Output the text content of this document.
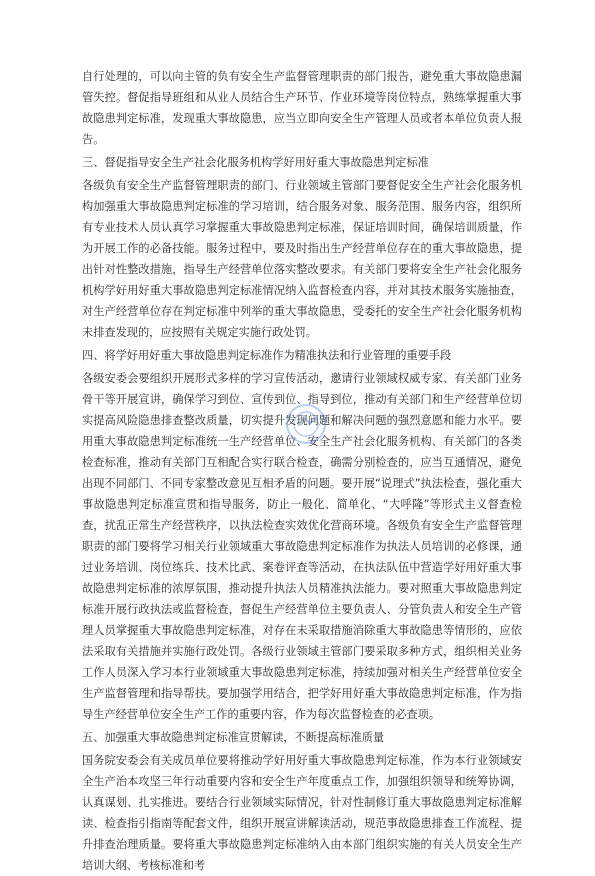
自行处理的，可以向主管的负有安全生产监督管理职责的部门报告，避免重大事故隐患漏管失控。督促指导班组和从业人员结合生产环节、作业环境等岗位特点，熟练掌握重大事故隐患判定标准，发现重大事故隐患，应当立即向安全生产管理人员或者本单位负责人报告。

三、督促指导安全生产社会化服务机构学好用好重大事故隐患判定标准

各级负有安全生产监督管理职责的部门、行业领域主管部门要督促安全生产社会化服务机构加强重大事故隐患判定标准的学习培训，结合服务对象、服务范围、服务内容，组织所有专业技术人员认真学习掌握重大事故隐患判定标准，保证培训时间，确保培训质量，作为开展工作的必备技能。服务过程中，要及时指出生产经营单位存在的重大事故隐患，提出针对性整改措施，指导生产经营单位落实整改要求。有关部门要将安全生产社会化服务机构学好用好重大事故隐患判定标准情况纳入监督检查内容，并对其技术服务实施抽查，对生产经营单位存在判定标准中列举的重大事故隐患，受委托的安全生产社会化服务机构未排查发现的，应按照有关规定实施行政处罚。

四、将学好用好重大事故隐患判定标准作为精准执法和行业管理的重要手段

各级安委会要组织开展形式多样的学习宣传活动，邀请行业领域权威专家、有关部门业务骨干等开展宣讲，确保学习到位、宣传到位、指导到位，推动有关部门和生产经营单位切实提高风险隐患排查整改质量，切实提升发现问题和解决问题的强烈意愿和能力水平。要用重大事故隐患判定标准统一生产经营单位、安全生产社会化服务机构、有关部门的各类检查标准，推动有关部门互相配合实行联合检查，确需分别检查的，应当互通情况，避免出现不同部门、不同专家整改意见互相矛盾的问题。要开展“说理式”执法检查，强化重大事故隐患判定标准宣贯和指导服务，防止一般化、简单化、“大呼隆”等形式主义督查检查，扰乱正常生产经营秩序，以执法检查实效优化营商环境。各级负有安全生产监督管理职责的部门要将学习相关行业领域重大事故隐患判定标准作为执法人员培训的必修课，通过业务培训、岗位练兵、技术比武、案卷评查等活动，在执法队伍中营造学好用好重大事故隐患判定标准的浓厚氛围，推动提升执法人员精准执法能力。要对照重大事故隐患判定标准开展行政执法或监督检查，督促生产经营单位主要负责人、分管负责人和安全生产管理人员掌握重大事故隐患判定标准，对存在未采取措施消除重大事故隐患等情形的，应依法采取有关措施并实施行政处罚。各级行业领域主管部门要采取多种方式，组织相关业务工作人员深入学习本行业领域重大事故隐患判定标准，持续加强对相关生产经营单位安全生产监督管理和指导帮扶。要加强学用结合，把学好用好重大事故隐患判定标准，作为指导生产经营单位安全生产工作的重要内容，作为每次监督检查的必查项。

五、加强重大事故隐患判定标准宣贯解读，不断提高标准质量

国务院安委会有关成员单位要将推动学好用好重大事故隐患判定标准，作为本行业领域安全生产治本攻坚三年行动重要内容和安全生产年度重点工作，加强组织领导和统筹协调，认真谋划、扎实推进。要结合行业领域实际情况，针对性制修订重大事故隐患判定标准解读、检查指引指南等配套文件，组织开展宣讲解读活动，规范事故隐患排查工作流程、提升排查治理质量。要将重大事故隐患判定标准纳入由本部门组织实施的有关人员安全生产培训大纲、考核标准和考
